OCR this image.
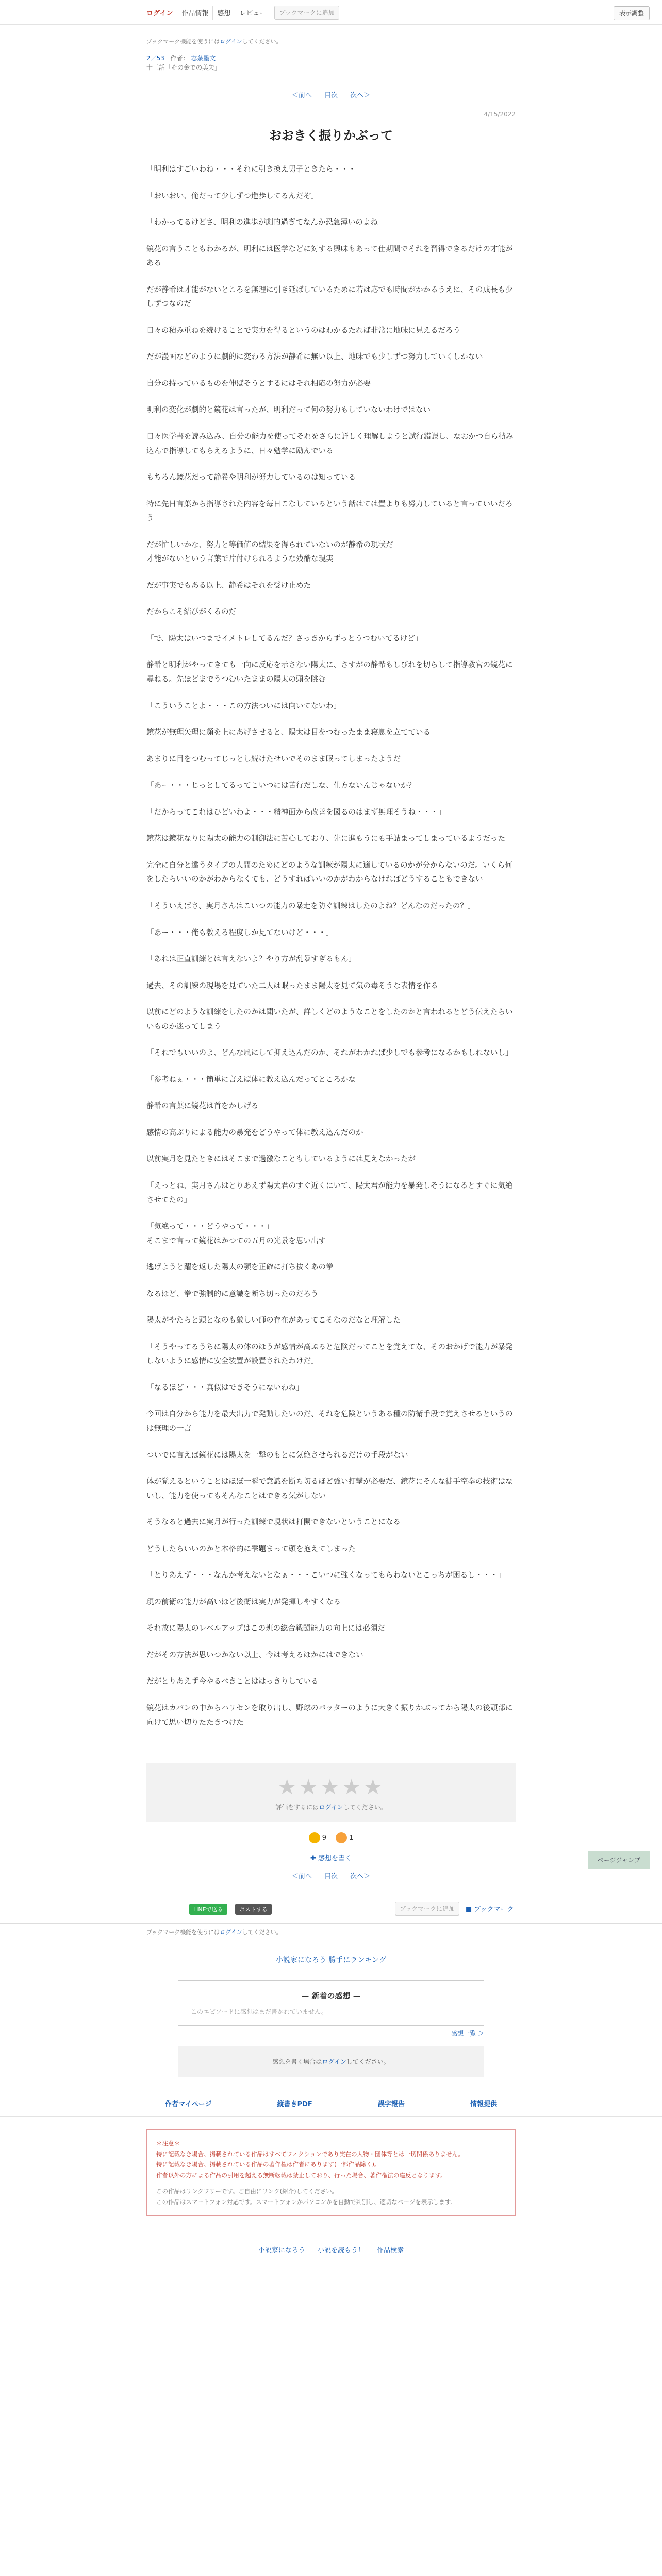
ログイン	作品情報	感想	レビュー	ブックマークに追加	表示調整
ブックマーク機能を使うにはログインしてください。
2／53 作者： 志条墨文
十三話「その金での美矢」
＜前へ 目次 次へ＞
4/15/2022
おおきく振りかぶって

「明利はすごいわね・・・それに引き換え男子ときたら・・・」

「おいおい、俺だって少しずつ進歩してるんだぞ」

「わかってるけどさ、明利の進歩が劇的過ぎてなんか恐急薄いのよね」

鏡花の言うこともわかるが、明利には医学などに対する興味もあって仕期間でそれを習得できるだけの才能がある

だが静希は才能がないところを無理に引き延ばしているために若は応でも時間がかかるうえに、その成長も少しずつなのだ

日々の積み重ねを続けることで実力を得るというのはわかるたれば非常に地味に見えるだろう

だが漫画などのように劇的に変わる方法が静希に無い以上、地味でも少しずつ努力していくしかない

自分の持っているものを伸ばそうとするにはそれ相応の努力が必要

明利の変化が劇的と鏡花は言ったが、明利だって何の努力もしていないわけではない

日々医学書を読み込み、自分の能力を使ってそれをさらに詳しく理解しようと試行錯誤し、なおかつ自ら積み込んで指導してもらえるように、日々勉学に励んでいる

もちろん鏡花だって静希や明利が努力しているのは知っている

特に先日言葉から指導された内容を毎日こなしているという話はては置よりも努力していると言っていいだろう

だが忙しいかな、努力と等価値の結果を得られていないのが静希の現状だ
才能がないという言葉で片付けられるような残酷な現実

だが事実でもある以上、静希はそれを受け止めた

だからこそ結びがくるのだ

「で、陽太はいつまでイメトレしてるんだ？さっきからずっとうつむいてるけど」

静希と明利がやってきても一向に反応を示さない陽太に、さすがの静希もしびれを切らして指導教官の鏡花に尋ねる。先ほどまでうつむいたままの陽太の頭を眺む

「こういうことよ・・・この方法ついには向いてないわ」

鏡花が無理矢理に顔を上にあげさせると、陽太は目をつむったまま寝息を立てている

あまりに目をつむってじっとし続けたせいでそのまま眠ってしまったようだ

「あー・・・じっとしてるってこいつには苦行だしな、仕方ないんじゃないか？」

「だからってこれはひどいわよ・・・精神面から改善を図るのはまず無理そうね・・・」

鏡花は鏡花なりに陽太の能力の制御法に苦心しており、先に進もうにも手詰まってしまっているようだった

完全に自分と違うタイプの人間のためにどのような訓練が陽太に適しているのかが分からないのだ。いくら何をしたらいいのかがわからなくても、どうすればいいのかがわからなければどうすることもできない

「そういえばさ、実月さんはこいつの能力の暴走を防ぐ訓練はしたのよね？どんなのだったの？」

「あー・・・俺も教える程度しか見てないけど・・・」

「あれは正直訓練とは言えないよ？やり方が乱暴すぎるもん」

過去、その訓練の現場を見ていた二人は眠ったまま陽太を見て気の毒そうな表情を作る

以前にどのような訓練をしたのかは聞いたが、詳しくどのようなことをしたのかと言われるとどう伝えたらいいものか迷ってしまう

「それでもいいのよ、どんな風にして抑え込んだのか、それがわかれば少しでも参考になるかもしれないし」

「参考ねぇ・・・簡単に言えば体に教え込んだってところかな」

静希の言葉に鏡花は首をかしげる

感情の高ぶりによる能力の暴発をどうやって体に教え込んだのか

以前実月を見たときにはそこまで過激なこともしているようには見えなかったが

「えっとね、実月さんはとりあえず陽太君のすぐ近くにいて、陽太君が能力を暴発しそうになるとすぐに気絶させてたの」

「気絶って・・・どうやって・・・」
そこまで言って鏡花はかつての五月の光景を思い出す

逃げようと躍を返した陽太の顎を正確に打ち抜くあの拳

なるほど、拳で強制的に意識を断ち切ったのだろう

陽太がやたらと頭となのも厳しい師の存在があってこそなのだなと理解した

「そうやってるうちに陽太の体のほうが感情が高ぶると危険だってことを覚えてな、そのおかげで能力が暴発しないように感情に安全装置が設置されたわけだ」

「なるほど・・・真似はできそうにないわね」

今回は自分から能力を最大出力で発動したいのだ、それを危険というある種の防衛手段で覚えさせるというのは無理の一言

ついでに言えば鏡花には陽太を一撃のもとに気絶させられるだけの手段がない

体が覚えるということはほぼ一瞬で意識を断ち切るほど強い打撃が必要だ、鏡花にそんな徒手空拳の技術はないし、能力を使ってもそんなことはできる気がしない

そうなると過去に実月が行った訓練で現状は打開できないということになる

どうしたらいいのかと本格的に雫題まって頭を抱えてしまった

「とりあえず・・・なんか考えないとなぁ・・・こいつに強くなってもらわないとこっちが困るし・・・」

現の前衛の能力が高いほど後衛は実力が発揮しやすくなる

それ故に陽太のレベルアップはこの班の総合戦闘能力の向上には必須だ

だがその方法が思いつかない以上、今は考えるほかにはできない

だがとりあえず今やるべきことははっきりしている

鏡花はカバンの中からハリセンを取り出し、野球のバッターのように大きく振りかぶってから陽太の後頭部に向けて思い切りたたきつけた

★★★★★
評価をするにはログインしてください。
9	1
✚ 感想を書く
＜前へ 目次 次へ＞
LINEで送る	ポストする	ブックマークに追加	■ ブックマーク
ブックマーク機能を使うにはログインしてください。
小説家になろう 勝手にランキング
— 新着の感想 —
このエピソードに感想はまだ書かれていません。
感想一覧 ＞
感想を書く場合はログインしてください。
作者マイページ	縦書きPDF	誤字報告	情報提供
＊注意＊
特に記載なき場合、掲載されている作品はすべてフィクションであり実在の人物・団体等とは一切関係ありません。
特に記載なき場合、掲載されている作品の著作権は作者にあります(一部作品除く)。
作者以外の方による作品の引用を超える無断転載は禁止しており、行った場合、著作権法の違反となります。
この作品はリンクフリーです。ご自由にリンク(紹介)してください。
この作品はスマートフォン対応です。スマートフォンかパソコンかを自動で判別し、適切なページを表示します。
小説家になろう 小説を読もう！ 作品検索
ページジャンプ
